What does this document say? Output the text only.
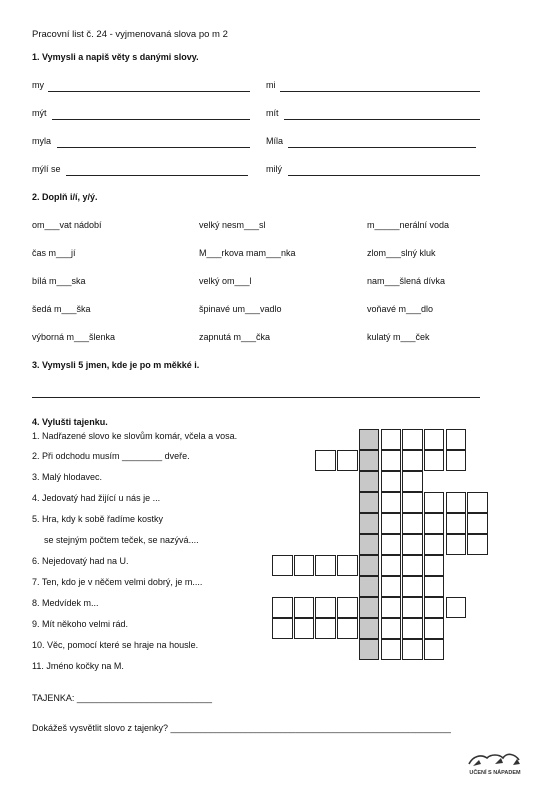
Pracovní list č. 24 - vyjmenovaná slova po m 2
1. Vymysli a napiš věty s danými slovy.
my	mi
mýt	mít
myla	Míla
mýlí se	milý
2. Doplň i/í, y/ý.
om___vat nádobí	velký nesm___sl	m_____nerální voda
čas m___jí	M___rkova mam___nka	zlom___slný kluk
bílá m___ska	velký om___l	nam___šlená dívka
šedá m___ška	špinavé um___vadlo	voňavé m___dlo
výborná m___šlenka	zapnutá m___čka	kulatý m___ček
3. Vymysli 5 jmen, kde je po m měkké i.
4. Vylušti tajenku.
1. Nadřazené slovo ke slovům komár, včela a vosa.
2. Při odchodu musím ________ dveře.
3. Malý hlodavec.
4. Jedovatý had žijící u nás je ...
5. Hra, kdy k sobě řadíme kostky
se stejným počtem teček, se nazývá....
6. Nejedovatý had na U.
7. Ten, kdo je v něčem velmi dobrý, je m....
8. Medvídek m...
9. Mít někoho velmi rád.
10. Věc, pomocí které se hraje na housle.
11. Jméno kočky na M.
TAJENKA: ___________________________
Dokážeš vysvětlit slovo z tajenky? ________________________________________________________
UČENÍ S NÁPADEM
